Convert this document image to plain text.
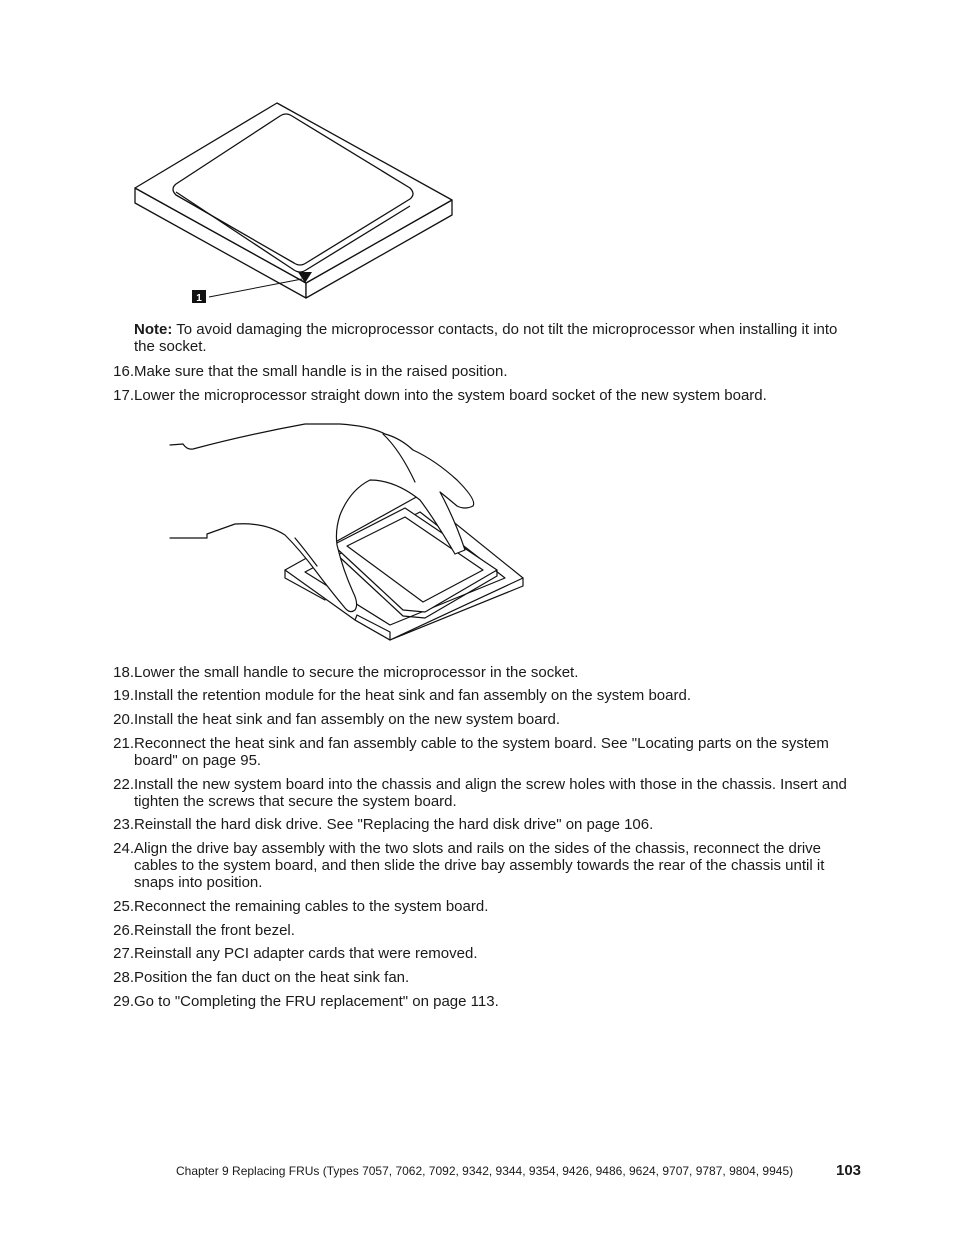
1
Note: To avoid damaging the microprocessor contacts, do not tilt the microprocessor when installing it into the socket.
16. Make sure that the small handle is in the raised position.
17. Lower the microprocessor straight down into the system board socket of the new system board.
18. Lower the small handle to secure the microprocessor in the socket.
19. Install the retention module for the heat sink and fan assembly on the system board.
20. Install the heat sink and fan assembly on the new system board.
21. Reconnect the heat sink and fan assembly cable to the system board. See "Locating parts on the system board" on page 95.
22. Install the new system board into the chassis and align the screw holes with those in the chassis. Insert and tighten the screws that secure the system board.
23. Reinstall the hard disk drive. See "Replacing the hard disk drive" on page 106.
24. Align the drive bay assembly with the two slots and rails on the sides of the chassis, reconnect the drive cables to the system board, and then slide the drive bay assembly towards the rear of the chassis until it snaps into position.
25. Reconnect the remaining cables to the system board.
26. Reinstall the front bezel.
27. Reinstall any PCI adapter cards that were removed.
28. Position the fan duct on the heat sink fan.
29. Go to "Completing the FRU replacement" on page 113.
Chapter 9 Replacing FRUs (Types 7057, 7062, 7092, 9342, 9344, 9354, 9426, 9486, 9624, 9707, 9787, 9804, 9945)	103
